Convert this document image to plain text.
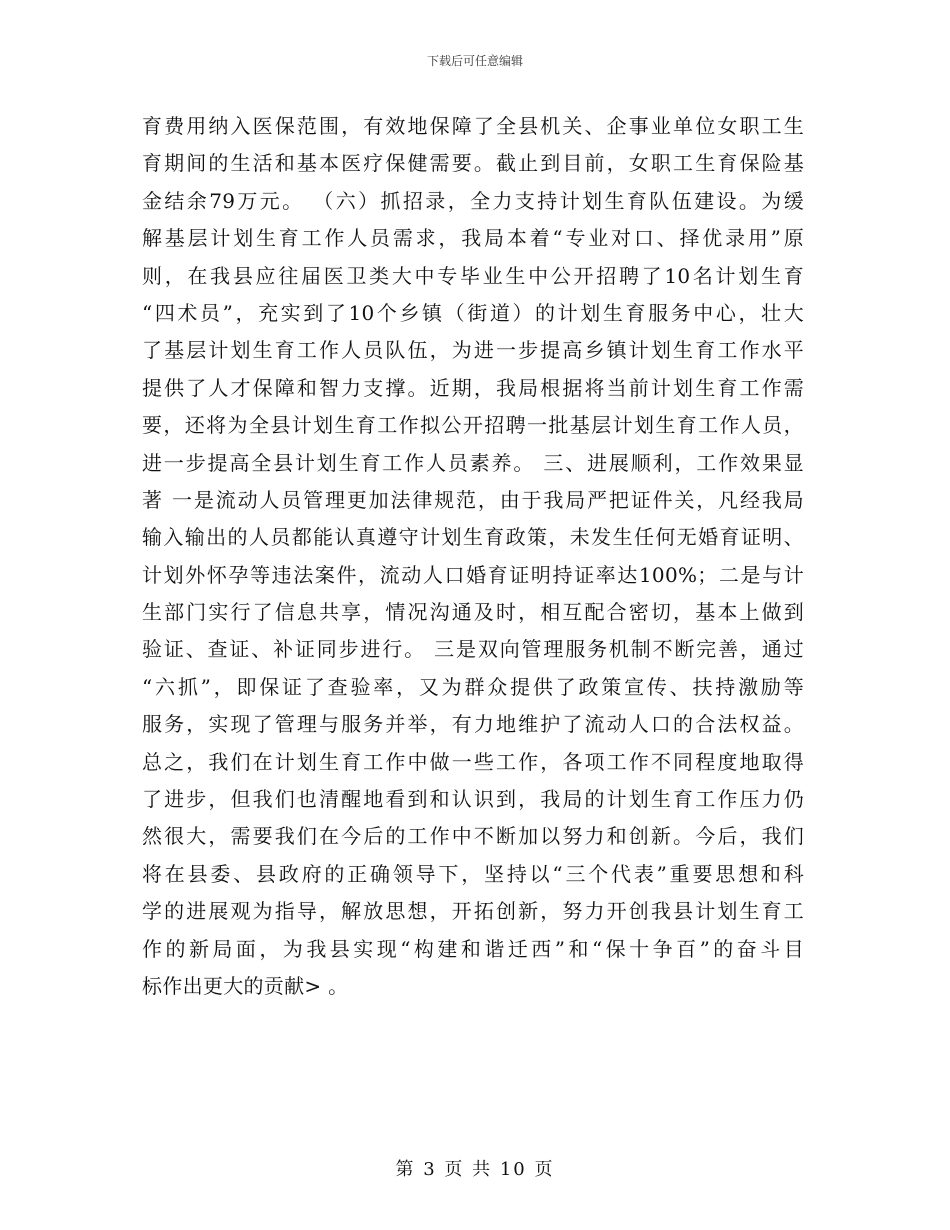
下载后可任意编辑
育费用纳入医保范围，有效地保障了全县机关、企事业单位女职工生
育期间的生活和基本医疗保健需要。截止到目前，女职工生育保险基
金结余79万元。 （六）抓招录，全力支持计划生育队伍建设。为缓
解基层计划生育工作人员需求，我局本着“专业对口、择优录用”原
则，在我县应往届医卫类大中专毕业生中公开招聘了10名计划生育
“四术员”，充实到了10个乡镇（街道）的计划生育服务中心，壮大
了基层计划生育工作人员队伍，为进一步提高乡镇计划生育工作水平
提供了人才保障和智力支撑。近期，我局根据将当前计划生育工作需
要，还将为全县计划生育工作拟公开招聘一批基层计划生育工作人员，
进一步提高全县计划生育工作人员素养。 三、进展顺利，工作效果显
著 一是流动人员管理更加法律规范，由于我局严把证件关，凡经我局
输入输出的人员都能认真遵守计划生育政策，未发生任何无婚育证明、
计划外怀孕等违法案件，流动人口婚育证明持证率达100%；二是与计
生部门实行了信息共享，情况沟通及时，相互配合密切，基本上做到
验证、查证、补证同步进行。 三是双向管理服务机制不断完善，通过
“六抓”，即保证了查验率，又为群众提供了政策宣传、扶持激励等
服务，实现了管理与服务并举，有力地维护了流动人口的合法权益。
总之，我们在计划生育工作中做一些工作，各项工作不同程度地取得
了进步，但我们也清醒地看到和认识到，我局的计划生育工作压力仍
然很大，需要我们在今后的工作中不断加以努力和创新。今后，我们
将在县委、县政府的正确领导下，坚持以“三个代表”重要思想和科
学的进展观为指导，解放思想，开拓创新，努力开创我县计划生育工
作的新局面，为我县实现“构建和谐迁西”和“保十争百”的奋斗目
标作出更大的贡献> 。
第 3 页 共 10 页
